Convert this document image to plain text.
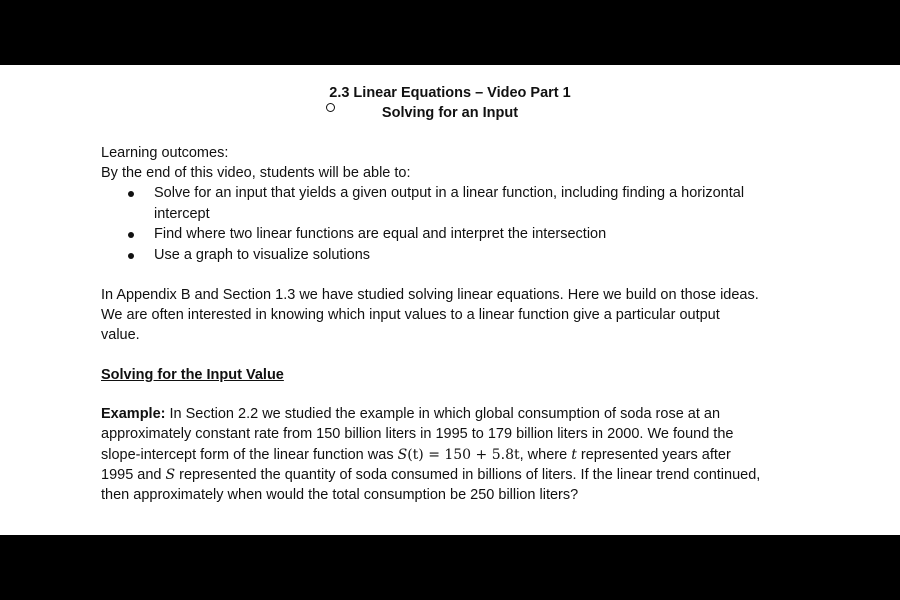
2.3 Linear Equations – Video Part 1
Solving for an Input
Learning outcomes:
By the end of this video, students will be able to:
Solve for an input that yields a given output in a linear function, including finding a horizontal
intercept
Find where two linear functions are equal and interpret the intersection
Use a graph to visualize solutions
In Appendix B and Section 1.3 we have studied solving linear equations. Here we build on those ideas.
We are often interested in knowing which input values to a linear function give a particular output
value.
Solving for the Input Value
Example: In Section 2.2 we studied the example in which global consumption of soda rose at an
approximately constant rate from 150 billion liters in 1995 to 179 billion liters in 2000. We found the
slope-intercept form of the linear function was S(t) = 150 + 5.8t, where t represented years after
1995 and S represented the quantity of soda consumed in billions of liters. If the linear trend continued,
then approximately when would the total consumption be 250 billion liters?
